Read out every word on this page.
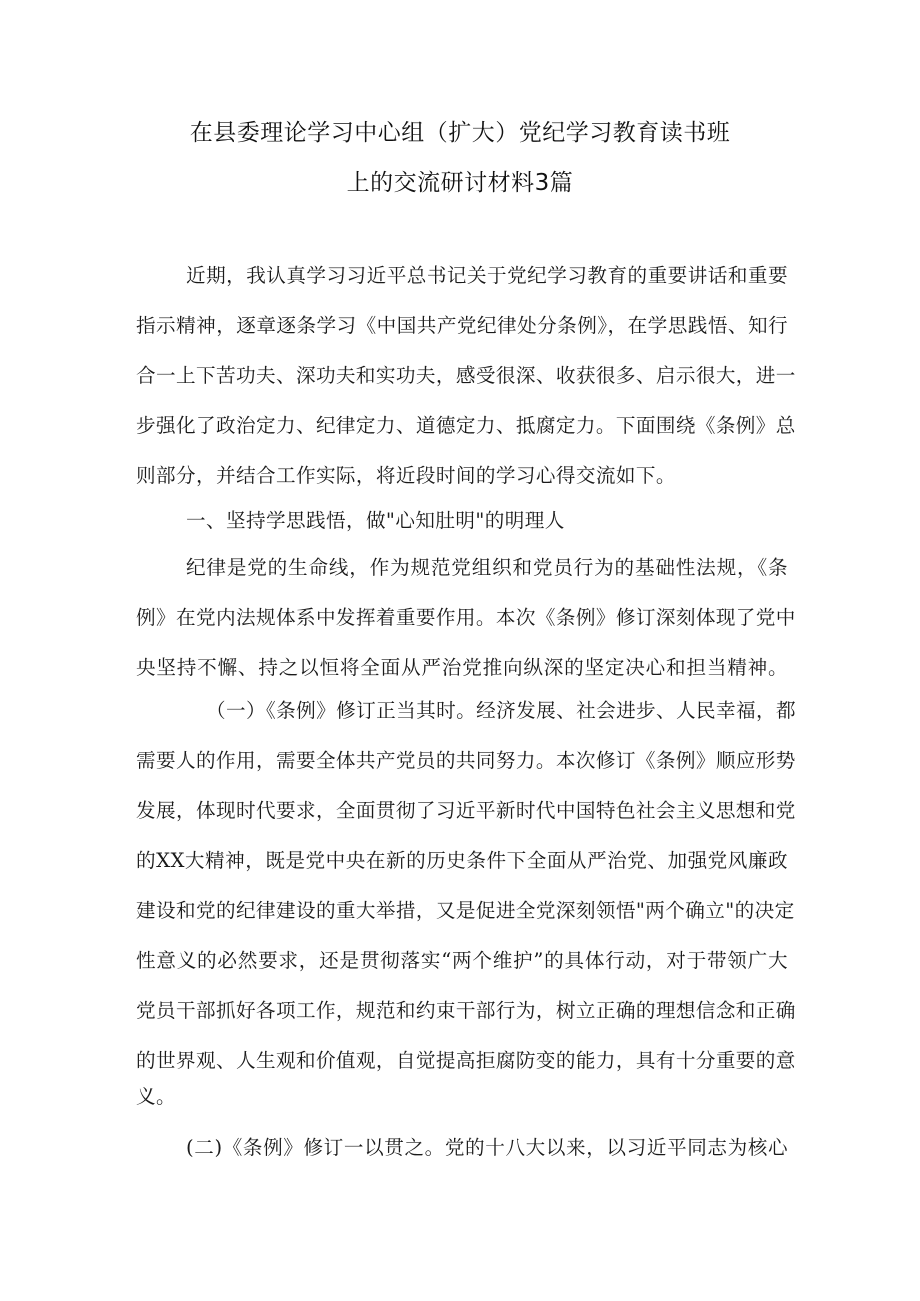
在县委理论学习中心组（扩大）党纪学习教育读书班
上的交流研讨材料3篇
近期，我认真学习习近平总书记关于党纪学习教育的重要讲话和重要
指示精神，逐章逐条学习《中国共产党纪律处分条例》，在学思践悟、知行
合一上下苦功夫、深功夫和实功夫，感受很深、收获很多、启示很大，进一
步强化了政治定力、纪律定力、道德定力、抵腐定力。下面围绕《条例》总
则部分，并结合工作实际，将近段时间的学习心得交流如下。
一、坚持学思践悟，做"心知肚明"的明理人
纪律是党的生命线，作为规范党组织和党员行为的基础性法规，《条
例》在党内法规体系中发挥着重要作用。本次《条例》修订深刻体现了党中
央坚持不懈、持之以恒将全面从严治党推向纵深的坚定决心和担当精神。
（一）《条例》修订正当其时。经济发展、社会进步、人民幸福，都
需要人的作用，需要全体共产党员的共同努力。本次修订《条例》顺应形势
发展，体现时代要求，全面贯彻了习近平新时代中国特色社会主义思想和党
的XX大精神，既是党中央在新的历史条件下全面从严治党、加强党风廉政
建设和党的纪律建设的重大举措，又是促进全党深刻领悟"两个确立"的决定
性意义的必然要求，还是贯彻落实“两个维护”的具体行动，对于带领广大
党员干部抓好各项工作，规范和约束干部行为，树立正确的理想信念和正确
的世界观、人生观和价值观，自觉提高拒腐防变的能力，具有十分重要的意
义。
(二)《条例》修订一以贯之。党的十八大以来，以习近平同志为核心
